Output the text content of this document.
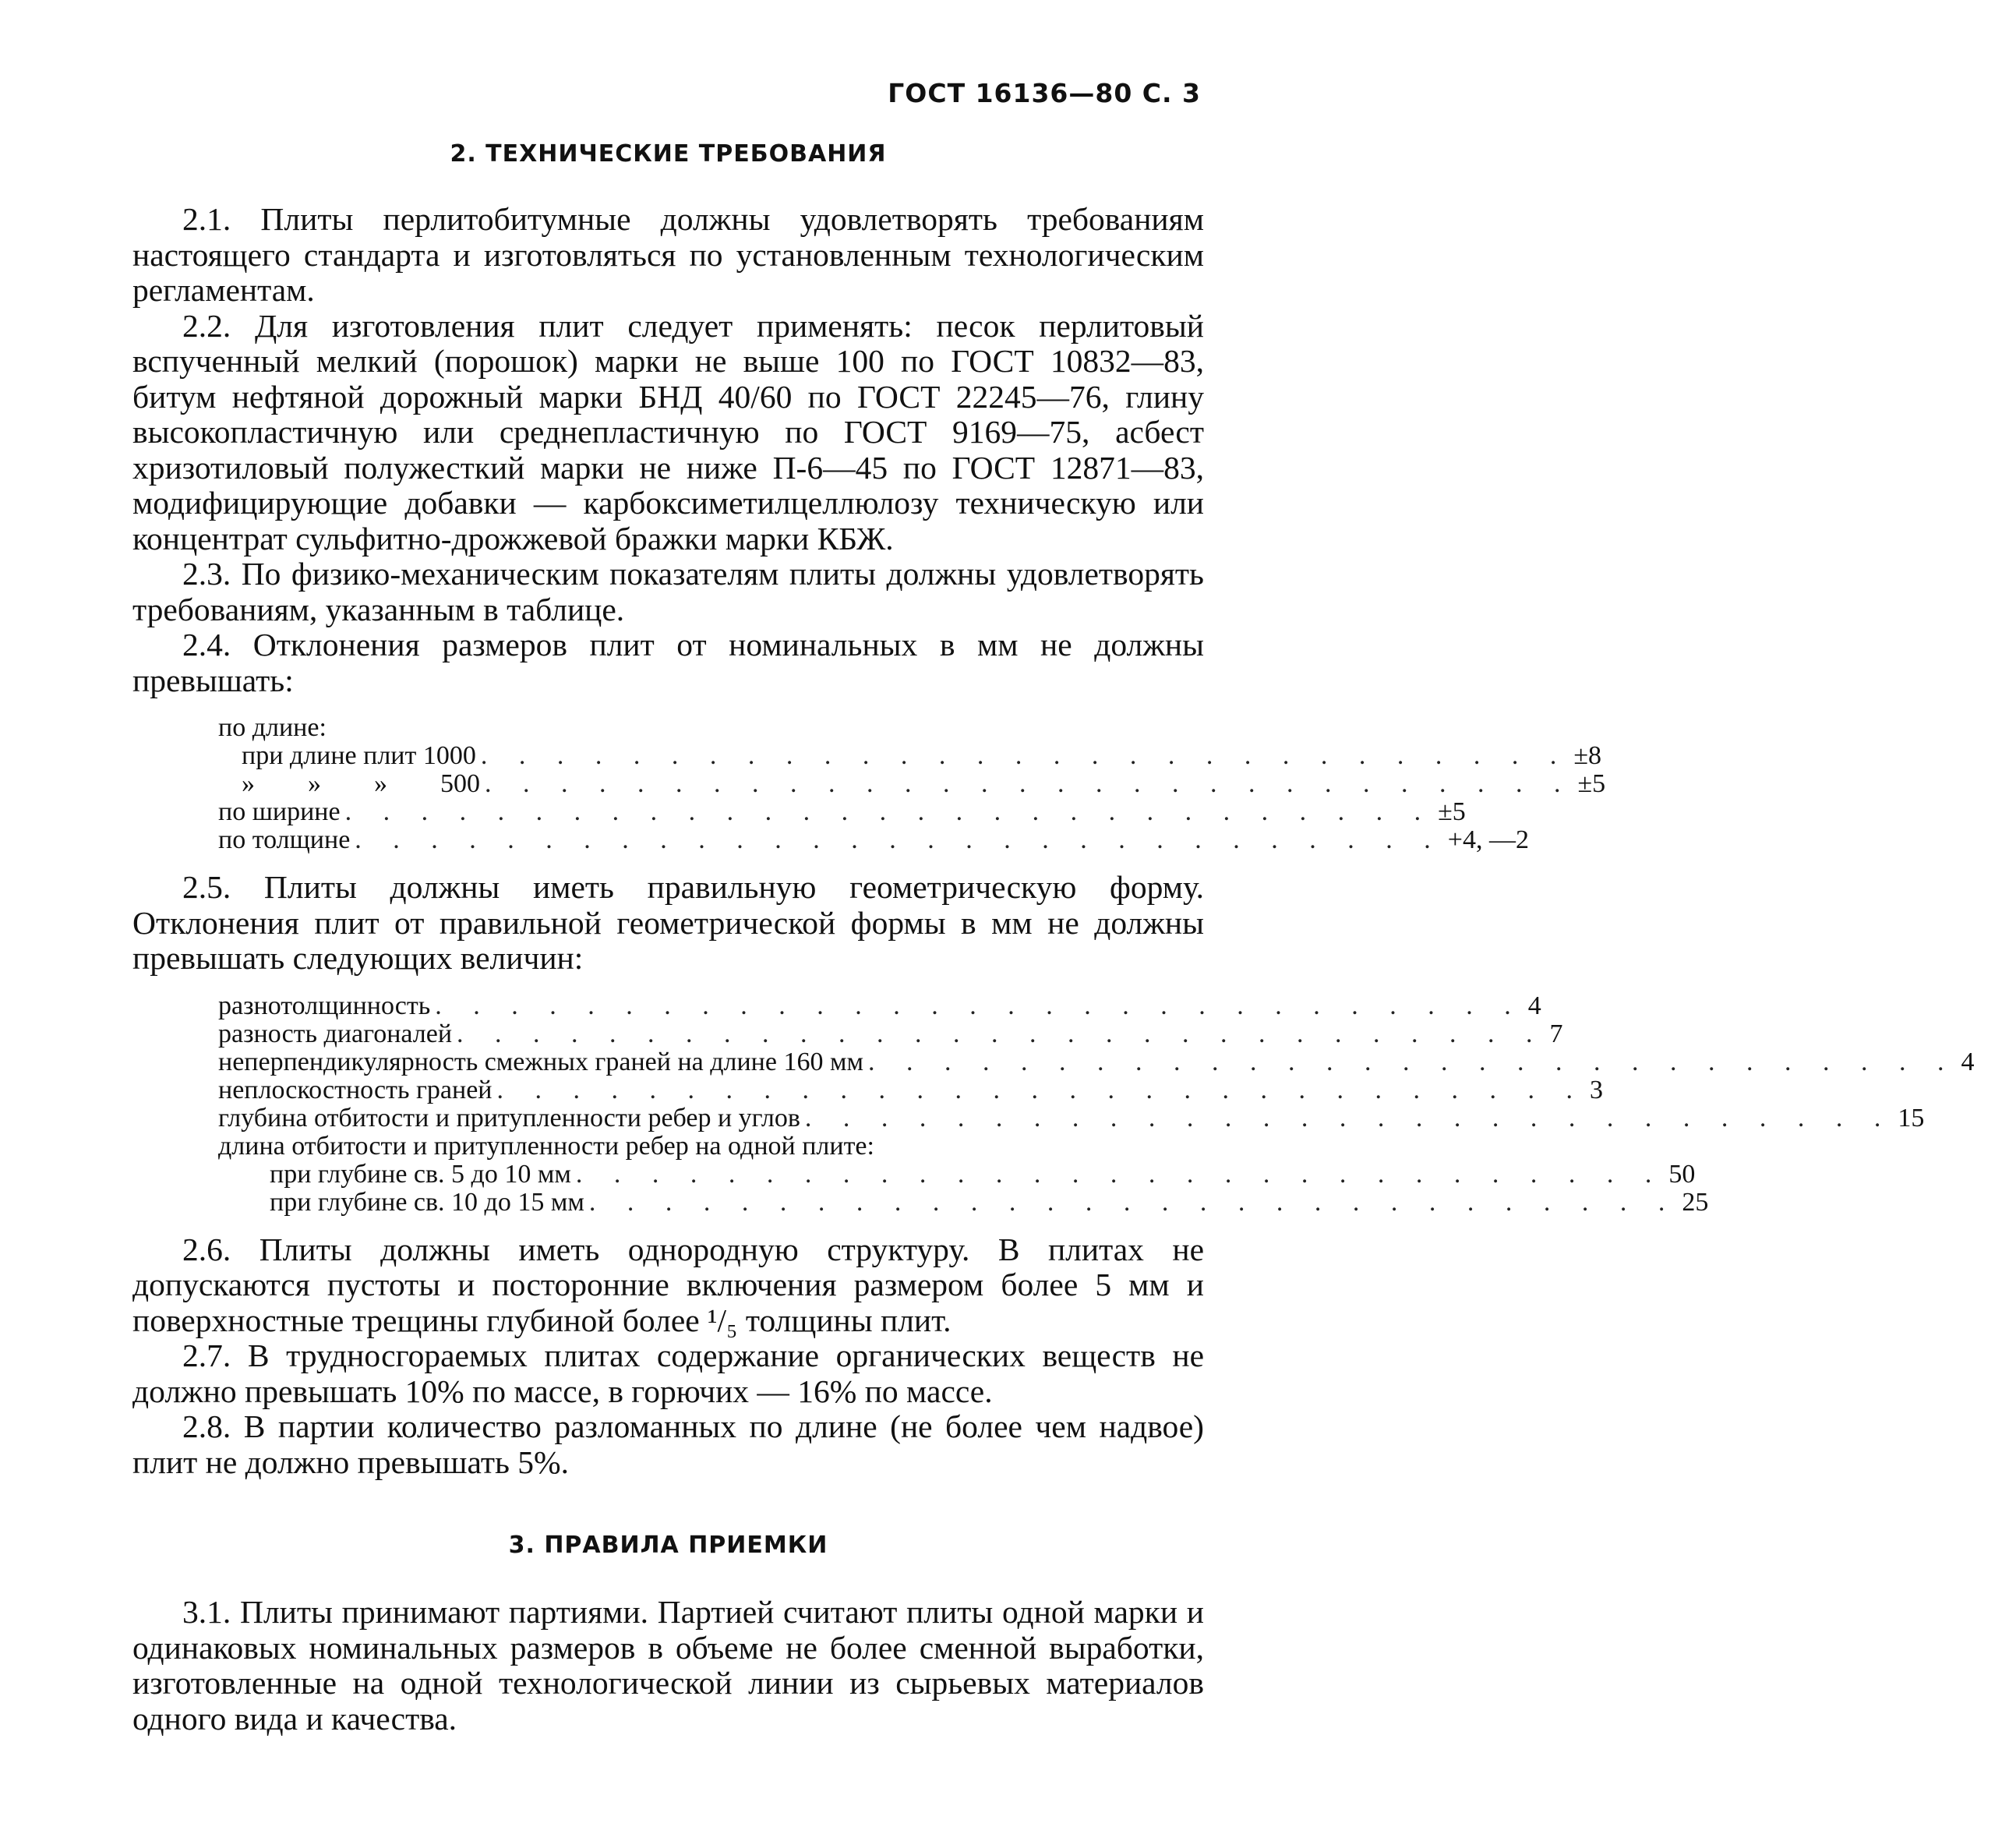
ГОСТ 16136—80 С. 3
2. ТЕХНИЧЕСКИЕ ТРЕБОВАНИЯ

2.1. Плиты перлитобитумные должны удовлетворять требованиям настоящего стандарта и изготовляться по установленным технологическим регламентам.

2.2. Для изготовления плит следует применять: песок перлитовый вспученный мелкий (порошок) марки не выше 100 по ГОСТ 10832—83, битум нефтяной дорожный марки БНД 40/60 по ГОСТ 22245—76, глину высокопластичную или среднепластичную по ГОСТ 9169—75, асбест хризотиловый полужесткий марки не ниже П-6—45 по ГОСТ 12871—83, модифицирующие добавки — карбоксиметилцеллюлозу техническую или концентрат сульфитно-дрожжевой бражки марки КБЖ.

2.3. По физико-механическим показателям плиты должны удовлетворять требованиям, указанным в таблице.

2.4. Отклонения размеров плит от номинальных в мм не должны превышать:

по длине:
при длине плит 1000 . . . . . . . . . . . . . . . . . . . . . . . . . . . . . ±8
»        »        »        500 . . . . . . . . . . . . . . . . . . . . . . . . . . . . . ±5
по ширине . . . . . . . . . . . . . . . . . . . . . . . . . . . . . ±5
по толщине . . . . . . . . . . . . . . . . . . . . . . . . . . . . . +4, —2

2.5. Плиты должны иметь правильную геометрическую форму. Отклонения плит от правильной геометрической формы в мм не должны превышать следующих величин:

разнотолщинность . . . . . . . . . . . . . . . . . . . . . . . . . . . . . 4
разность диагоналей . . . . . . . . . . . . . . . . . . . . . . . . . . . . . 7
неперпендикулярность смежных граней на длине 160 мм . . . . . . . . . . . . . . . . . . . . . . . . . . . . . 4
неплоскостность граней . . . . . . . . . . . . . . . . . . . . . . . . . . . . . 3
глубина отбитости и притупленности ребер и углов . . . . . . . . . . . . . . . . . . . . . . . . . . . . . 15
длина отбитости и притупленности ребер на одной плите:
при глубине св. 5 до 10 мм . . . . . . . . . . . . . . . . . . . . . . . . . . . . . 50
при глубине св. 10 до 15 мм . . . . . . . . . . . . . . . . . . . . . . . . . . . . . 25

2.6. Плиты должны иметь однородную структуру. В плитах не допускаются пустоты и посторонние включения размером более 5 мм и поверхностные трещины глубиной более ¹/₅ толщины плит.

2.7. В трудносгораемых плитах содержание органических веществ не должно превышать 10% по массе, в горючих — 16% по массе.

2.8. В партии количество разломанных по длине (не более чем надвое) плит не должно превышать 5%.

3. ПРАВИЛА ПРИЕМКИ

3.1. Плиты принимают партиями. Партией считают плиты одной марки и одинаковых номинальных размеров в объеме не более сменной выработки, изготовленные на одной технологической линии из сырьевых материалов одного вида и качества.
